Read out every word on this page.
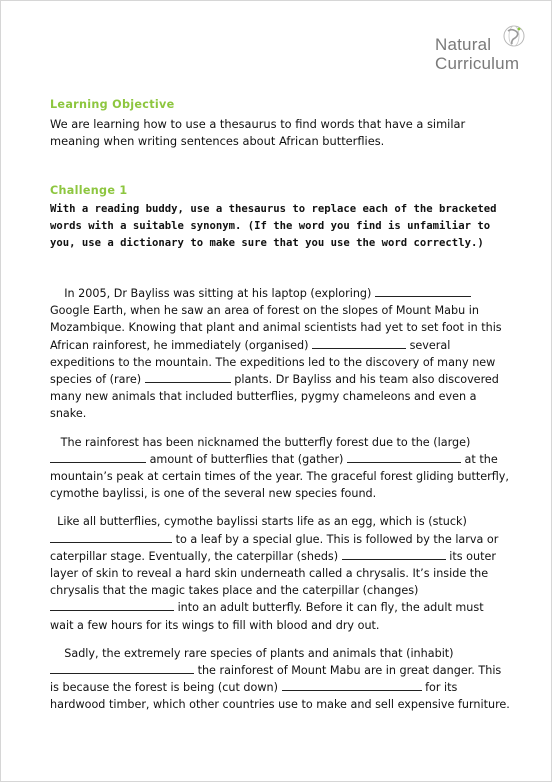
Natural
Curriculum
Learning Objective
We are learning how to use a thesaurus to find words that have a similar meaning when writing sentences about African butterflies.
Challenge 1
With a reading buddy, use a thesaurus to replace each of the bracketed words with a suitable synonym. (If the word you find is unfamiliar to you, use a dictionary to make sure that you use the word correctly.)

In 2005, Dr Bayliss was sitting at his laptop (exploring)  Google Earth, when he saw an area of forest on the slopes of Mount Mabu in Mozambique. Knowing that plant and animal scientists had yet to set foot in this African rainforest, he immediately (organised)	several expeditions to the mountain. The expeditions led to the discovery of many new species of (rare)	plants. Dr Bayliss and his team also discovered many new animals that included butterflies, pygmy chameleons and even a snake.

The rainforest has been nicknamed the butterfly forest due to the (large)  amount of butterflies that (gather)	at the mountain’s peak at certain times of the year. The graceful forest gliding butterfly, cymothe baylissi, is one of the several new species found.

Like all butterflies, cymothe baylissi starts life as an egg, which is (stuck)  to a leaf by a special glue. This is followed by the larva or caterpillar stage. Eventually, the caterpillar (sheds)	its outer layer of skin to reveal a hard skin underneath called a chrysalis. It’s inside the chrysalis that the magic takes place and the caterpillar (changes)  into an adult butterfly. Before it can fly, the adult must wait a few hours for its wings to fill with blood and dry out.

Sadly, the extremely rare species of plants and animals that (inhabit)  the rainforest of Mount Mabu are in great danger. This is because the forest is being (cut down)	for its hardwood timber, which other countries use to make and sell expensive furniture.
